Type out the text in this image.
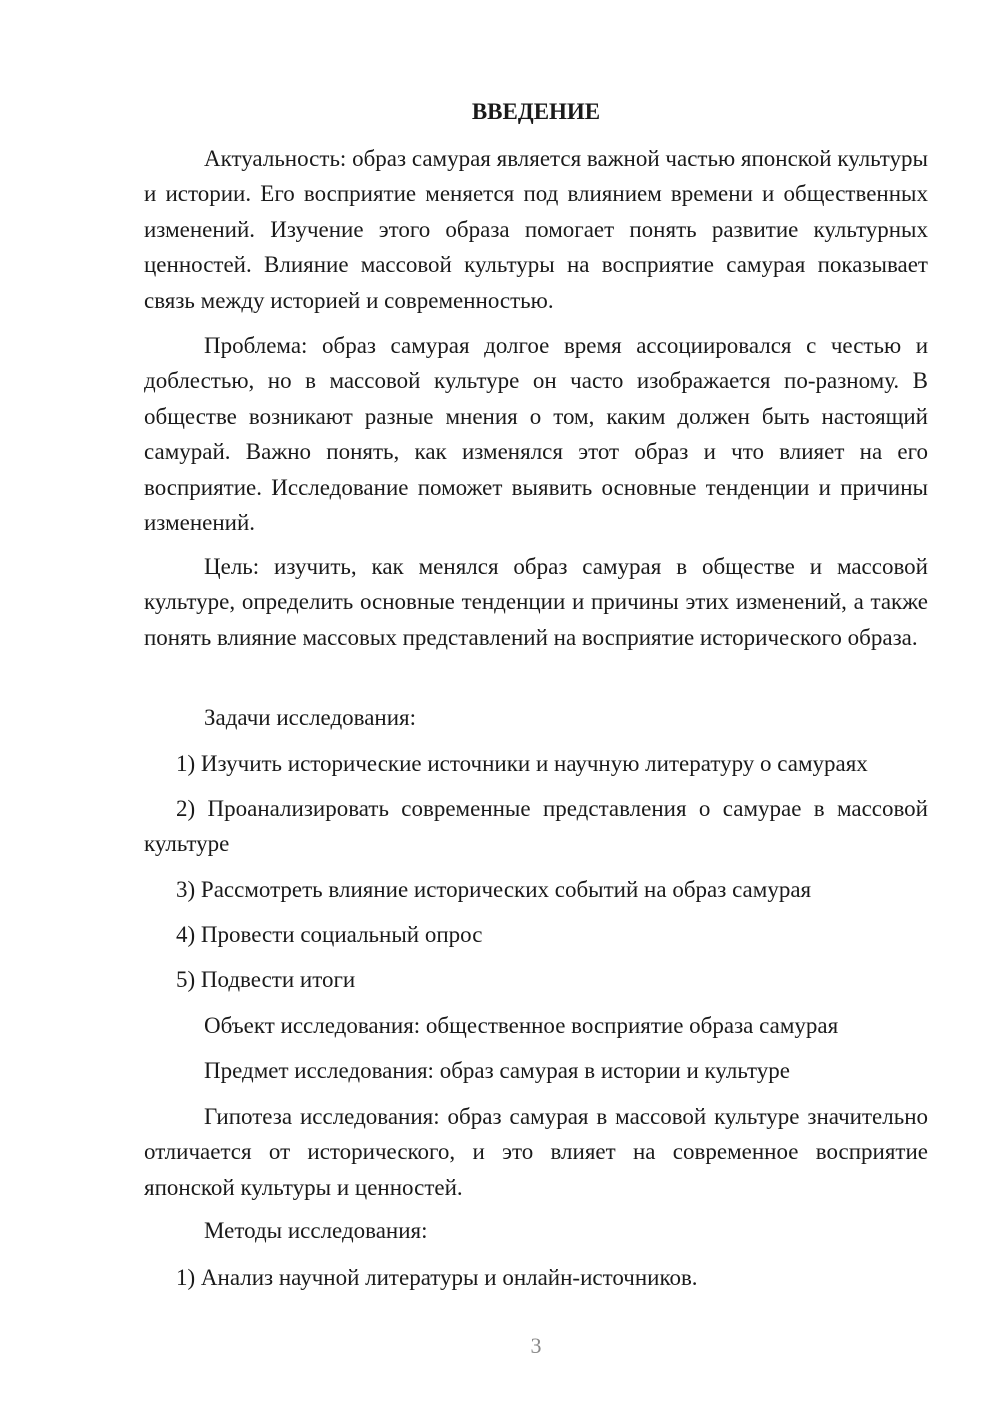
ВВЕДЕНИЕ

Актуальность: образ самурая является важной частью японской культуры и истории. Его восприятие меняется под влиянием времени и общественных изменений. Изучение этого образа помогает понять развитие культурных ценностей. Влияние массовой культуры на восприятие самурая показывает связь между историей и современностью.

Проблема: образ самурая долгое время ассоциировался с честью и доблестью, но в массовой культуре он часто изображается по-разному. В обществе возникают разные мнения о том, каким должен быть настоящий самурай. Важно понять, как изменялся этот образ и что влияет на его восприятие. Исследование поможет выявить основные тенденции и причины изменений.

Цель: изучить, как менялся образ самурая в обществе и массовой культуре, определить основные тенденции и причины этих изменений, а также понять влияние массовых представлений на восприятие исторического образа.

Задачи исследования:

1) Изучить исторические источники и научную литературу о самураях

2) Проанализировать современные представления о самурае в массовой культуре

3) Рассмотреть влияние исторических событий на образ самурая

4) Провести социальный опрос

5) Подвести итоги

Объект исследования: общественное восприятие образа самурая

Предмет исследования: образ самурая в истории и культуре

Гипотеза исследования: образ самурая в массовой культуре значительно отличается от исторического, и это влияет на современное восприятие японской культуры и ценностей.

Методы исследования:

1) Анализ научной литературы и онлайн-источников.

3
